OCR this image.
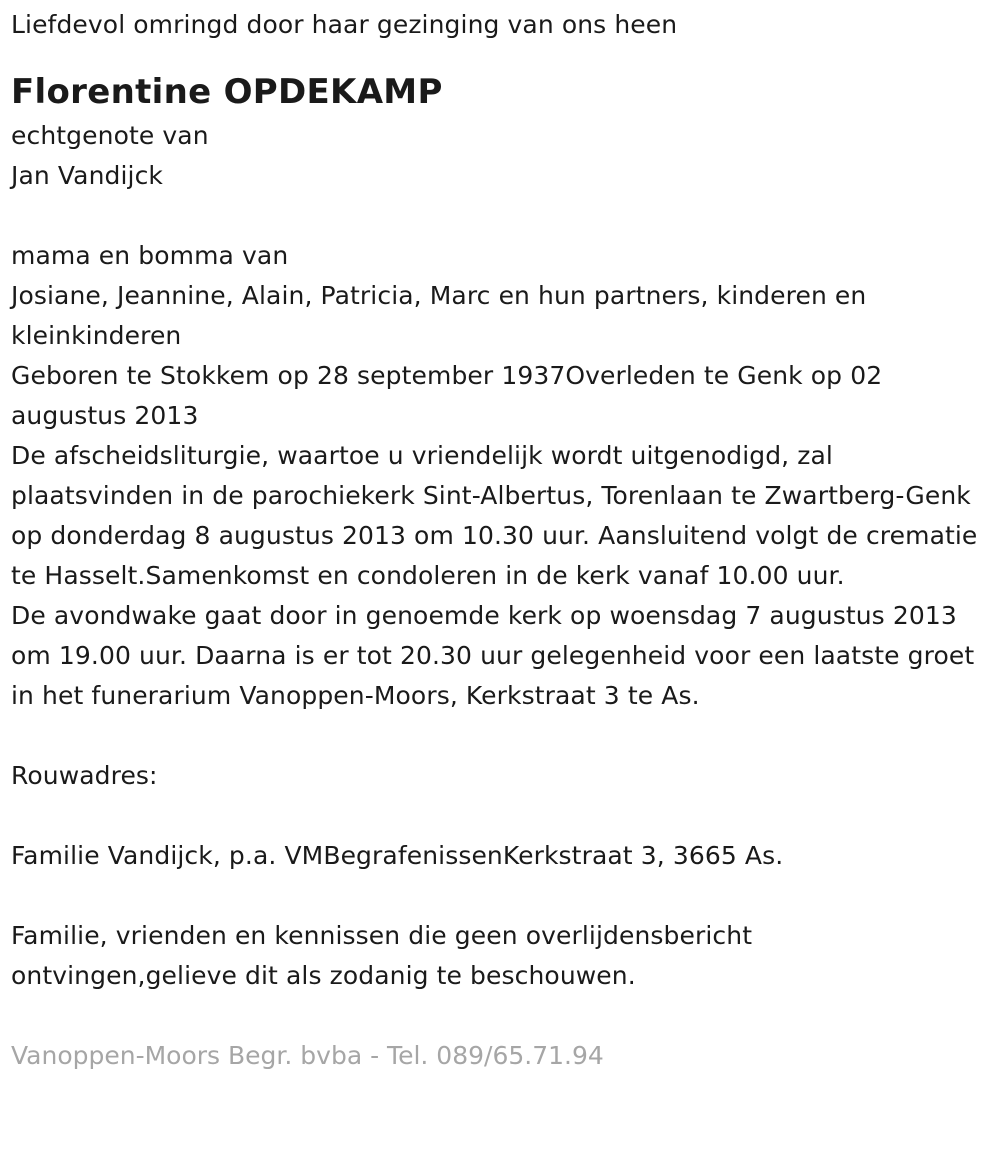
Liefdevol omringd door haar gezinging van ons heen
Florentine OPDEKAMP
echtgenote van
Jan Vandijck
mama en bomma van
Josiane, Jeannine, Alain, Patricia, Marc en hun partners, kinderen en kleinkinderen
Geboren te Stokkem op 28 september 1937Overleden te Genk op 02 augustus 2013
De afscheidsliturgie, waartoe u vriendelijk wordt uitgenodigd, zal plaatsvinden in de parochiekerk Sint-Albertus, Torenlaan te Zwartberg-Genk op donderdag 8 augustus 2013 om 10.30 uur. Aansluitend volgt de crematie te Hasselt.Samenkomst en condoleren in de kerk vanaf 10.00 uur.
De avondwake gaat door in genoemde kerk op woensdag 7 augustus 2013 om 19.00 uur. Daarna is er tot 20.30 uur gelegenheid voor een laatste groet in het funerarium Vanoppen-Moors, Kerkstraat 3 te As.
Rouwadres:
Familie Vandijck, p.a. VMBegrafenissenKerkstraat 3, 3665 As.
Familie, vrienden en kennissen die geen overlijdensbericht ontvingen,gelieve dit als zodanig te beschouwen.
Vanoppen-Moors Begr. bvba - Tel. 089/65.71.94
